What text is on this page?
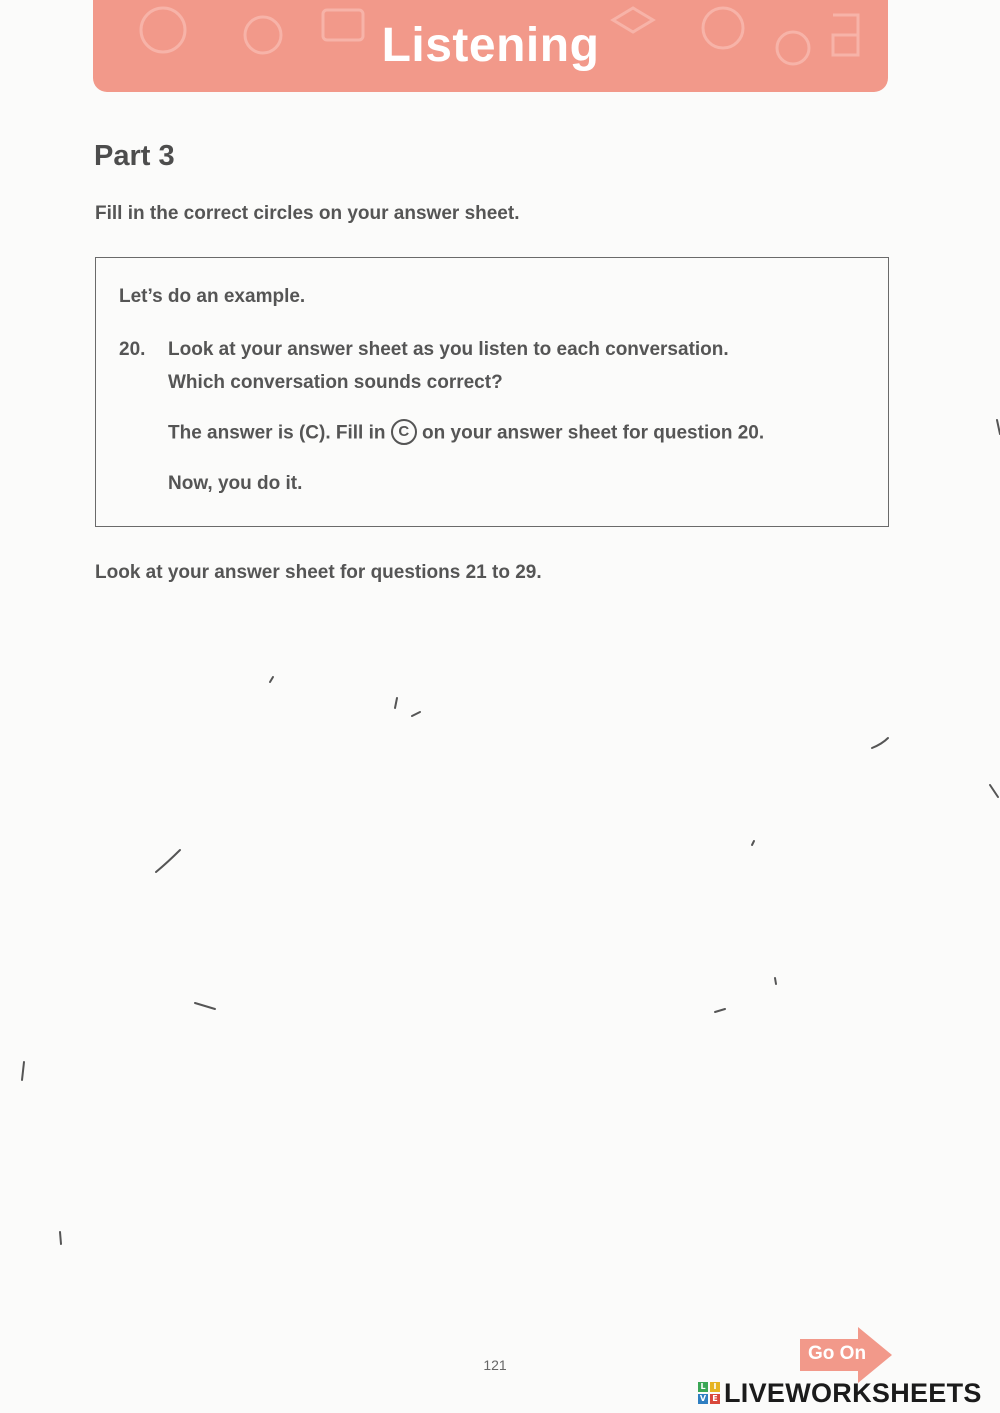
Listening
Part 3
Fill in the correct circles on your answer sheet.
Let’s do an example.
20. Look at your answer sheet as you listen to each conversation.
Which conversation sounds correct?
The answer is (C). Fill in C on your answer sheet for question 20.
Now, you do it.
Look at your answer sheet for questions 21 to 29.
121
Go On
L I
V E LIVEWORKSHEETS
